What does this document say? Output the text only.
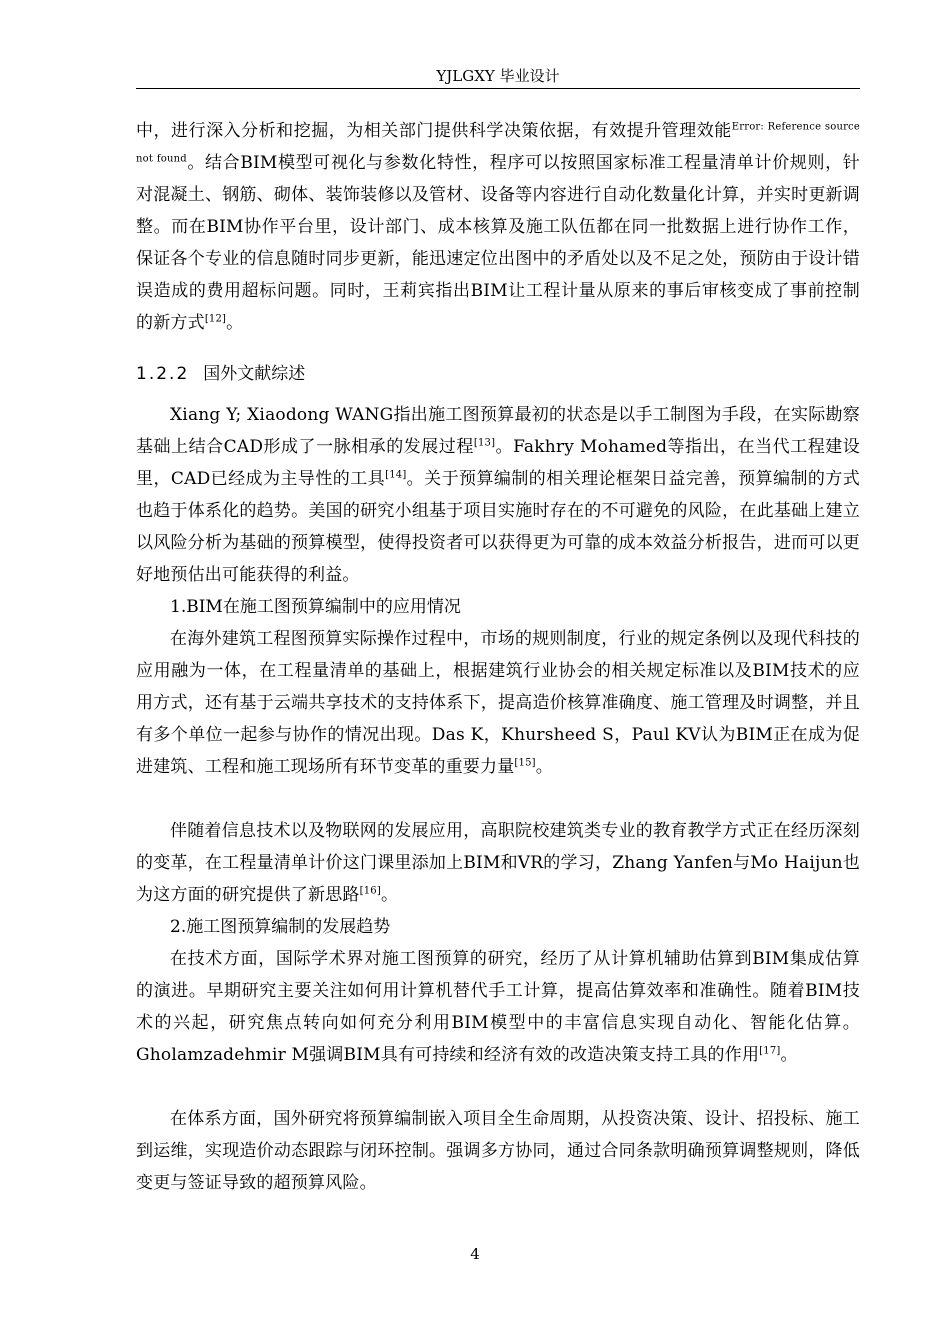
YJLGXY 毕业设计
中，进行深入分析和挖掘，为相关部门提供科学决策依据，有效提升管理效能$^{Error: Reference source not found}$。结合BIM模型可视化与参数化特性，程序可以按照国家标准工程量清单计价规则，针对混凝土、钢筋、砌体、装饰装修以及管材、设备等内容进行自动化数量化计算，并实时更新调整。而在BIM协作平台里，设计部门、成本核算及施工队伍都在同一批数据上进行协作工作，保证各个专业的信息随时同步更新，能迅速定位出图中的矛盾处以及不足之处，预防由于设计错误造成的费用超标问题。同时，王莉宾指出BIM让工程计量从原来的事后审核变成了事前控制的新方式[12]。
1.2.2 国外文献综述
Xiang Y; Xiaodong WANG指出施工图预算最初的状态是以手工制图为手段，在实际勘察基础上结合CAD形成了一脉相承的发展过程[13]。Fakhry Mohamed等指出，在当代工程建设里，CAD已经成为主导性的工具[14]。关于预算编制的相关理论框架日益完善，预算编制的方式也趋于体系化的趋势。美国的研究小组基于项目实施时存在的不可避免的风险，在此基础上建立以风险分析为基础的预算模型，使得投资者可以获得更为可靠的成本效益分析报告，进而可以更好地预估出可能获得的利益。
1.BIM在施工图预算编制中的应用情况
在海外建筑工程图预算实际操作过程中，市场的规则制度，行业的规定条例以及现代科技的应用融为一体，在工程量清单的基础上，根据建筑行业协会的相关规定标准以及BIM技术的应用方式，还有基于云端共享技术的支持体系下，提高造价核算准确度、施工管理及时调整，并且有多个单位一起参与协作的情况出现。Das K，Khursheed S，Paul KV认为BIM正在成为促进建筑、工程和施工现场所有环节变革的重要力量[15]。
伴随着信息技术以及物联网的发展应用，高职院校建筑类专业的教育教学方式正在经历深刻的变革，在工程量清单计价这门课里添加上BIM和VR的学习，Zhang Yanfen与Mo Haijun也为这方面的研究提供了新思路[16]。
2.施工图预算编制的发展趋势
在技术方面，国际学术界对施工图预算的研究，经历了从计算机辅助估算到BIM集成估算的演进。早期研究主要关注如何用计算机替代手工计算，提高估算效率和准确性。随着BIM技术的兴起，研究焦点转向如何充分利用BIM模型中的丰富信息实现自动化、智能化估算。Gholamzadehmir M强调BIM具有可持续和经济有效的改造决策支持工具的作用[17]。
在体系方面，国外研究将预算编制嵌入项目全生命周期，从投资决策、设计、招投标、施工到运维，实现造价动态跟踪与闭环控制。强调多方协同，通过合同条款明确预算调整规则，降低变更与签证导致的超预算风险。
4
